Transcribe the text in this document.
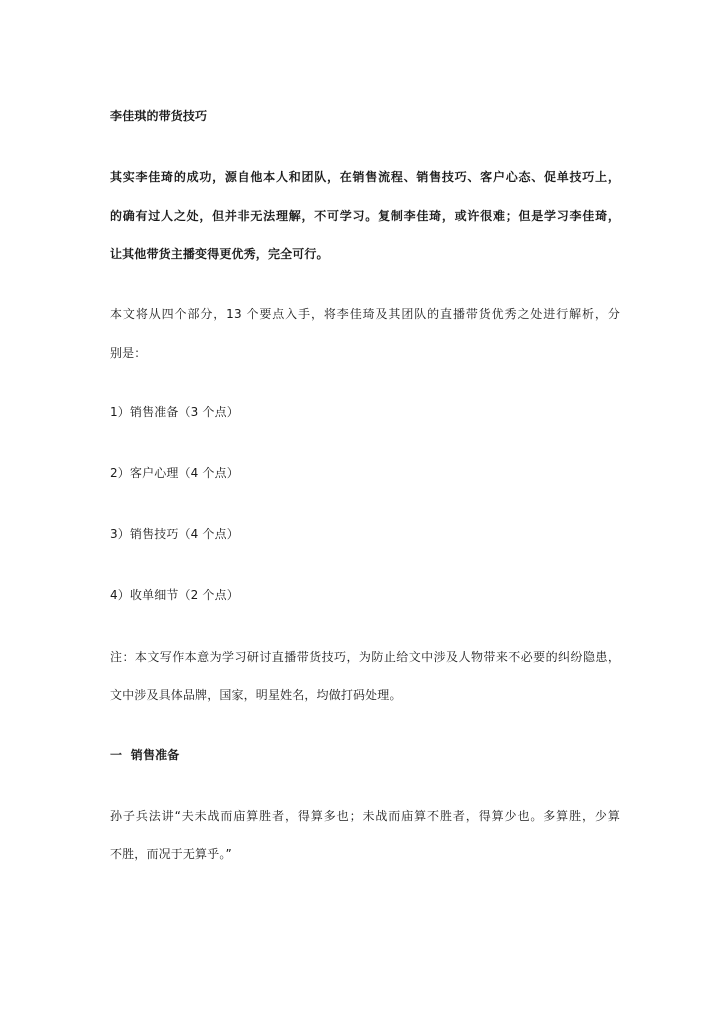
李佳琪的带货技巧
其实李佳琦的成功，源自他本人和团队，在销售流程、销售技巧、客户心态、促单技巧上，
的确有过人之处，但并非无法理解，不可学习。复制李佳琦，或许很难；但是学习李佳琦，
让其他带货主播变得更优秀，完全可行。
本文将从四个部分，13 个要点入手，将李佳琦及其团队的直播带货优秀之处进行解析，分
别是：
1）销售准备（3 个点）
2）客户心理（4 个点）
3）销售技巧（4 个点）
4）收单细节（2 个点）
注：本文写作本意为学习研讨直播带货技巧，为防止给文中涉及人物带来不必要的纠纷隐患，
文中涉及具体品牌，国家，明星姓名，均做打码处理。
一  销售准备
孙子兵法讲“夫未战而庙算胜者，得算多也；未战而庙算不胜者，得算少也。多算胜，少算
不胜，而况于无算乎。”
